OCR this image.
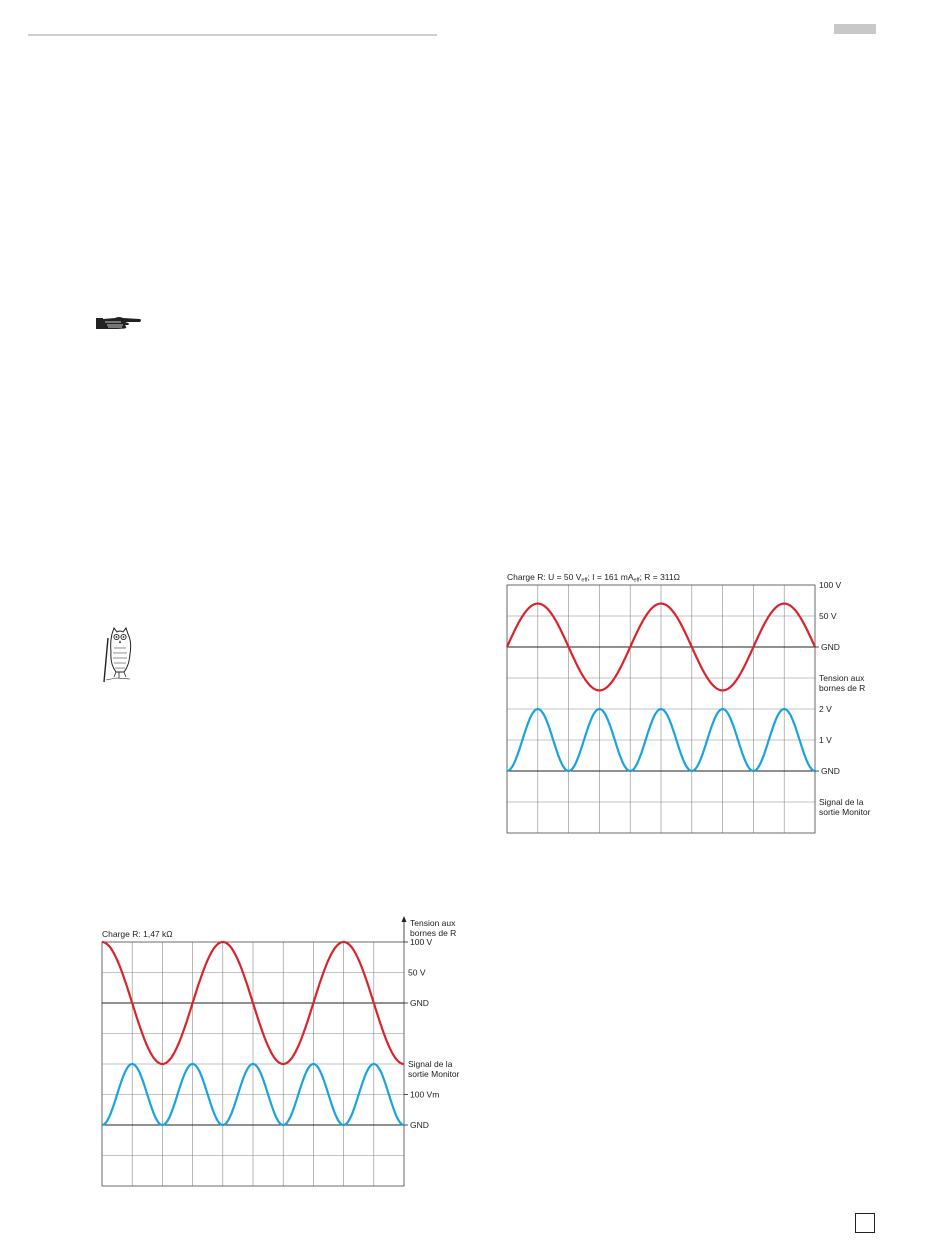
Charge R: 1,47 kΩ
Tension aux bornes de R
100 V
50 V
GND
Signal de la sortie Monitor
100 Vm
GND
Charge R: U = 50 Veff; I = 161 mAeff; R = 311Ω
100 V
50 V
GND
Tension aux bornes de R
2 V
1 V
GND
Signal de la sortie Monitor
